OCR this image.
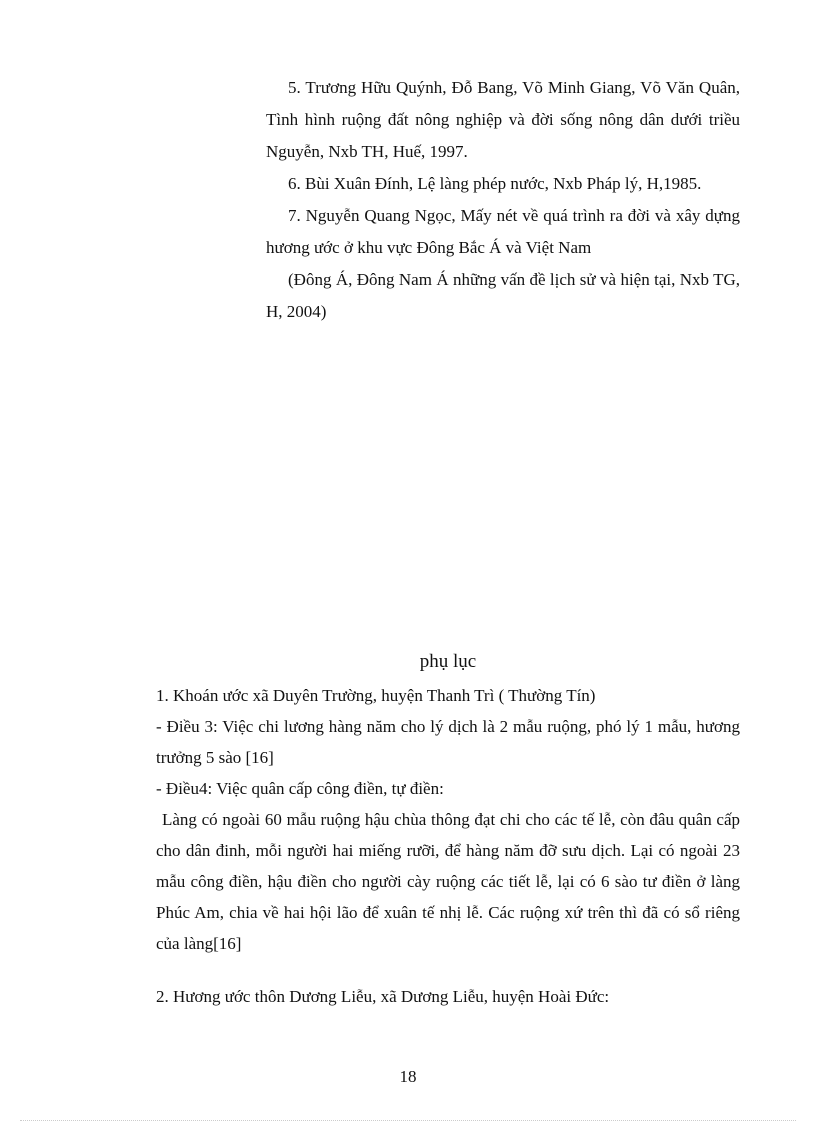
5. Trương Hữu Quýnh, Đỗ Bang, Võ Minh Giang, Võ Văn Quân, Tình hình ruộng đất nông nghiệp và đời sống nông dân dưới triều Nguyễn, Nxb TH, Huế, 1997.

6. Bùi Xuân Đính, Lệ làng phép nước, Nxb Pháp lý, H,1985.

7. Nguyễn Quang Ngọc, Mấy nét về quá trình ra đời và xây dựng hương ước ở khu vực Đông Bắc Á và Việt Nam

(Đông Á, Đông Nam Á những vấn đề lịch sử và hiện tại, Nxb TG, H, 2004)

phụ lục

1. Khoán ước xã Duyên Trường, huyện Thanh Trì ( Thường Tín)

- Điều 3: Việc chi lương hàng năm cho lý dịch là 2 mẫu ruộng, phó lý 1 mẫu, hương trưởng 5 sào [16]

- Điều4: Việc quân cấp công điền, tự điền:

Làng có ngoài 60 mẫu ruộng hậu chùa thông đạt chi cho các tế lễ, còn đâu quân cấp cho dân đinh, mỗi người hai miếng rưỡi, để hàng năm đỡ sưu dịch. Lại có ngoài 23 mẫu công điền, hậu điền cho người cày ruộng các tiết lễ, lại có 6 sào tư điền ở làng Phúc Am, chia về hai hội lão để xuân tế nhị lễ. Các ruộng xứ trên thì đã có sổ riêng của làng[16]

2. Hương ước thôn Dương Liễu, xã Dương Liễu, huyện Hoài Đức:

18
